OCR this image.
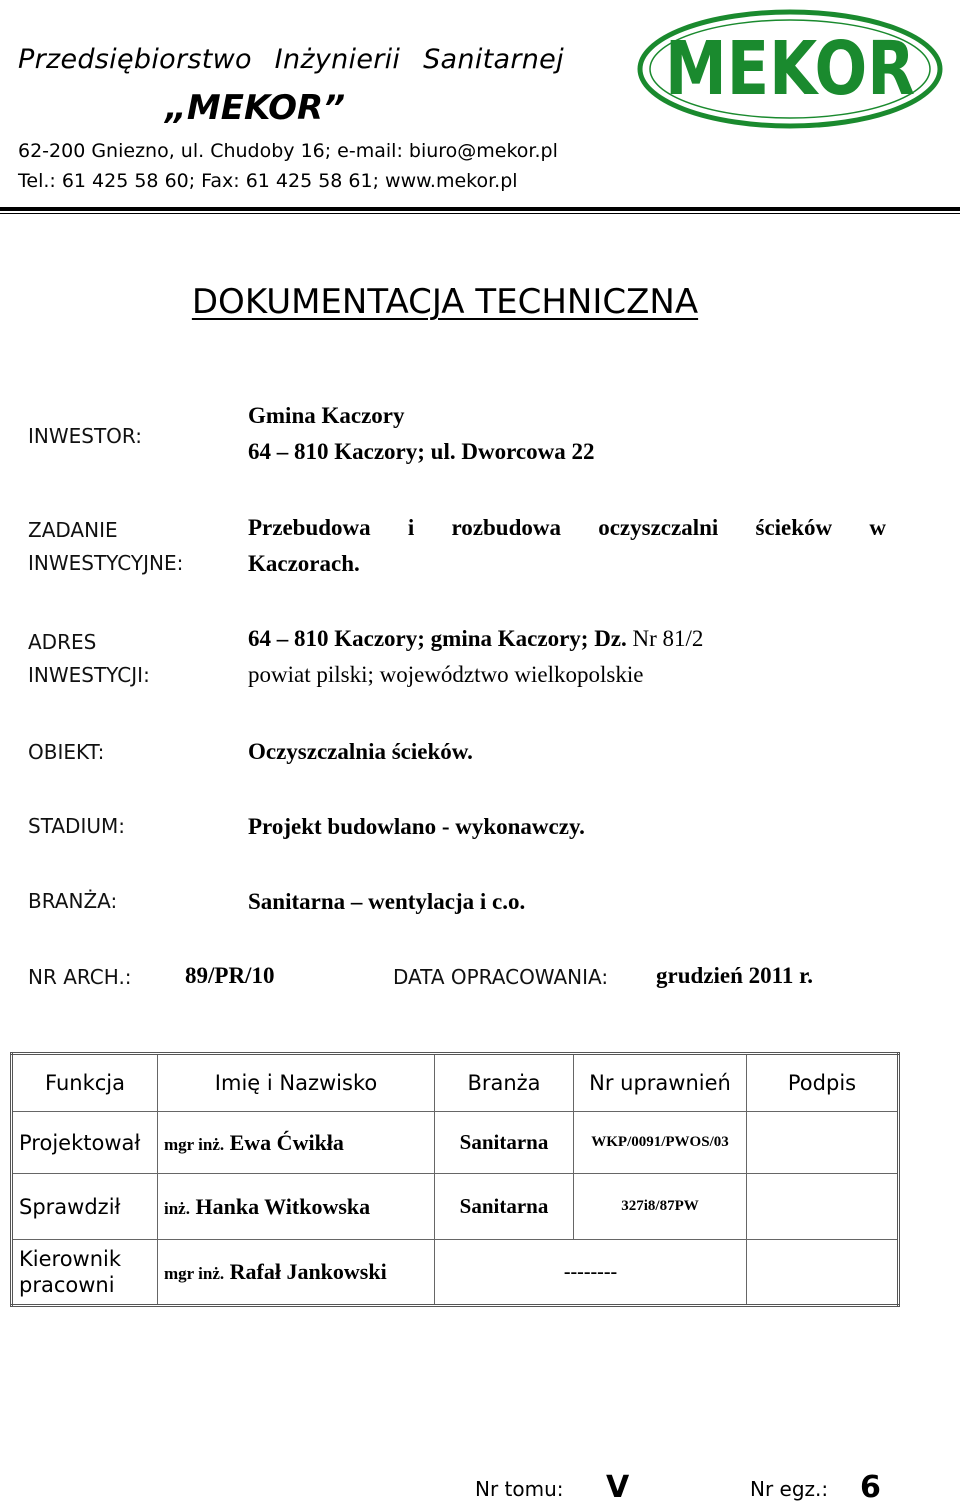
Przedsiębiorstwo Inżynierii Sanitarnej
„MEKOR”
62-200 Gniezno, ul. Chudoby 16; e-mail: biuro@mekor.pl
Tel.: 61 425 58 60; Fax: 61 425 58 61; www.mekor.pl
MEKOR
DOKUMENTACJA TECHNICZNA
INWESTOR:
Gmina Kaczory
64 – 810 Kaczory; ul. Dworcowa 22
ZADANIE
INWESTYCYJNE:
Przebudowa i rozbudowa oczyszczalni ścieków w
Kaczorach.
ADRES
INWESTYCJI:
64 – 810 Kaczory; gmina Kaczory; Dz. Nr 81/2
powiat pilski; województwo wielkopolskie
OBIEKT:	Oczyszczalnia ścieków.
STADIUM:	Projekt budowlano - wykonawczy.
BRANŻA:	Sanitarna – wentylacja i c.o.
NR ARCH.: 89/PR/10	DATA OPRACOWANIA: grudzień 2011 r.
Funkcja	Imię i Nazwisko	Branża	Nr uprawnień	Podpis
Projektował	mgr inż. Ewa Ćwikła	Sanitarna	WKP/0091/PWOS/03	
Sprawdził	inż. Hanka Witkowska	Sanitarna	327i8/87PW	
Kierownik pracowni	mgr inż. Rafał Jankowski	--------		
Nr tomu: V	Nr egz.: 6
